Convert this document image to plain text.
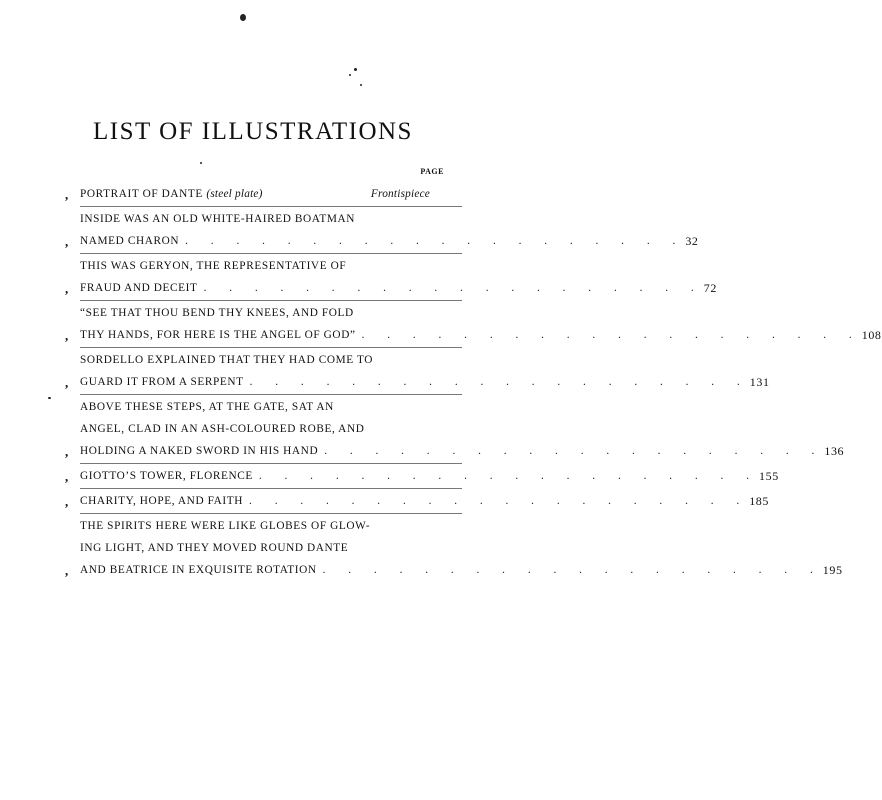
LIST OF ILLUSTRATIONS
PAGE
, PORTRAIT OF DANTE (steel plate)	Frontispiece
,
INSIDE WAS AN OLD WHITE-HAIRED BOATMAN
NAMED CHARON . . . . . . . . . . . . . . . . . . . . 32
,
THIS WAS GERYON, THE REPRESENTATIVE OF
FRAUD AND DECEIT . . . . . . . . . . . . . . . . . . . . 72
,
“SEE THAT THOU BEND THY KNEES, AND FOLD
THY HANDS, FOR HERE IS THE ANGEL OF GOD” . . . . . . . . . . . . . . . . . . . . 108
,
SORDELLO EXPLAINED THAT THEY HAD COME TO
GUARD IT FROM A SERPENT . . . . . . . . . . . . . . . . . . . . 131
,
ABOVE THESE STEPS, AT THE GATE, SAT AN
ANGEL, CLAD IN AN ASH-COLOURED ROBE, AND
HOLDING A NAKED SWORD IN HIS HAND . . . . . . . . . . . . . . . . . . . . 136
, GIOTTO’S TOWER, FLORENCE . . . . . . . . . . . . . . . . . . . . 155
, CHARITY, HOPE, AND FAITH . . . . . . . . . . . . . . . . . . . . 185
,
THE SPIRITS HERE WERE LIKE GLOBES OF GLOW-
ING LIGHT, AND THEY MOVED ROUND DANTE
AND BEATRICE IN EXQUISITE ROTATION . . . . . . . . . . . . . . . . . . . . 195
